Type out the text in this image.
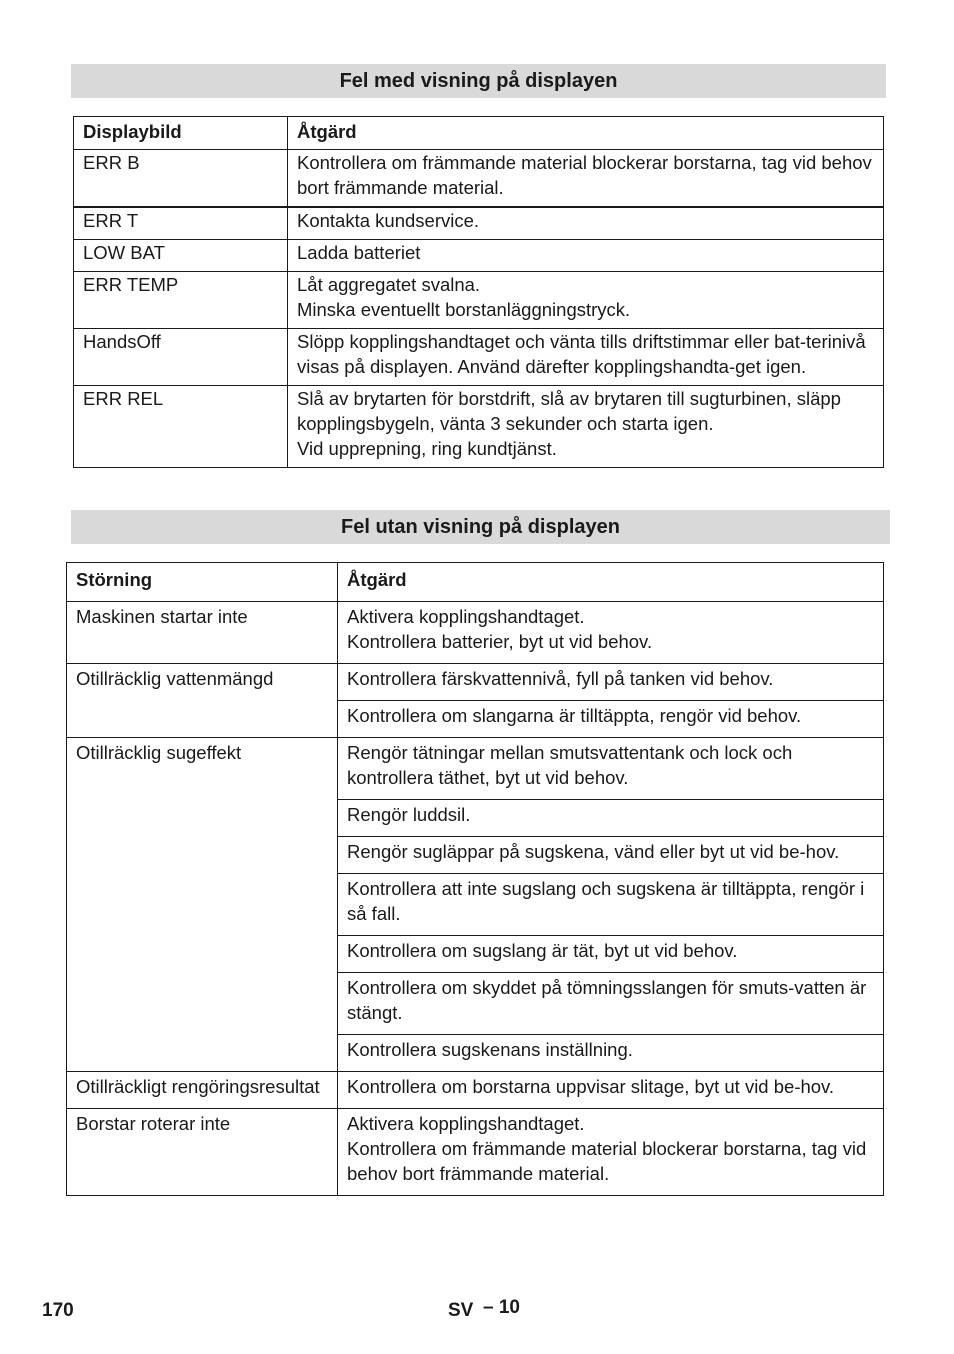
Fel med visning på displayen
Displaybild	Åtgärd
ERR B	Kontrollera om främmande material blockerar borstarna, tag vid behov bort främmande material.

ERR T	Kontakta kundservice.

LOW BAT	Ladda batteriet

ERR TEMP	Låt aggregatet svalna.
Minska eventuellt borstanläggningstryck.

HandsOff	Slöpp kopplingshandtaget och vänta tills driftstimmar eller bat-terinivå visas på displayen. Använd därefter kopplingshandta-get igen.

ERR REL	Slå av brytarten för borstdrift, slå av brytaren till sugturbinen, släpp kopplingsbygeln, vänta 3 sekunder och starta igen.
Vid upprepning, ring kundtjänst.
Fel utan visning på displayen
Störning	Åtgärd
Maskinen startar inte	Aktivera kopplingshandtaget.
Kontrollera batterier, byt ut vid behov.

Otillräcklig vattenmängd	Kontrollera färskvattennivå, fyll på tanken vid behov.

	Kontrollera om slangarna är tilltäppta, rengör vid behov.

Otillräcklig sugeffekt	Rengör tätningar mellan smutsvattentank och lock och kontrollera täthet, byt ut vid behov.

	Rengör luddsil.

	Rengör sugläppar på sugskena, vänd eller byt ut vid be-hov.

	Kontrollera att inte sugslang och sugskena är tilltäppta, rengör i så fall.

	Kontrollera om sugslang är tät, byt ut vid behov.

	Kontrollera om skyddet på tömningsslangen för smuts-vatten är stängt.

	Kontrollera sugskenans inställning.

Otillräckligt rengöringsresultat	Kontrollera om borstarna uppvisar slitage, byt ut vid be-hov.

Borstar roterar inte	Aktivera kopplingshandtaget.
Kontrollera om främmande material blockerar borstarna, tag vid behov bort främmande material.
170	SV – 10
